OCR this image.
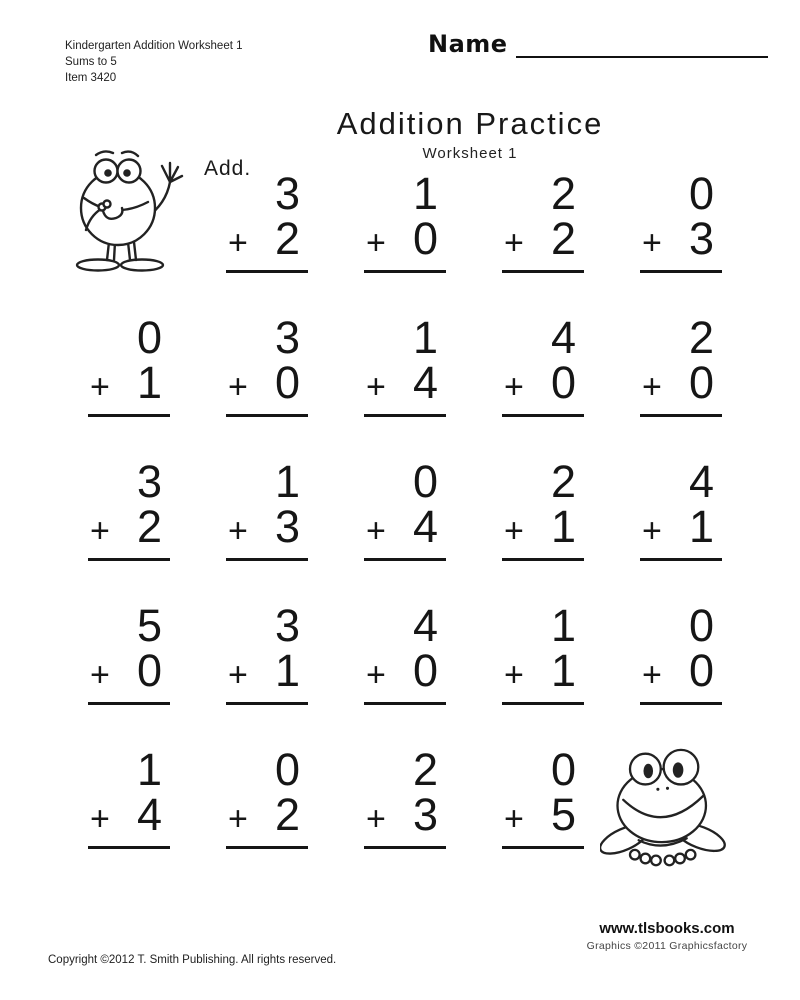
Kindergarten Addition Worksheet 1
Sums to 5
Item 3420
Name
Addition Practice
Worksheet 1
Add. 3
+ 2
1
+ 0
2
+ 2
0
+ 3
0
+ 1
3
+ 0
1
+ 4
4
+ 0
2
+ 0
3
+ 2
1
+ 3
0
+ 4
2
+ 1
4
+ 1
5
+ 0
3
+ 1
4
+ 0
1
+ 1
0
+ 0
1
+ 4
0
+ 2
2
+ 3
0
+ 5
www.tlsbooks.com
Graphics ©2011 Graphicsfactory
Copyright ©2012 T. Smith Publishing. All rights reserved.
